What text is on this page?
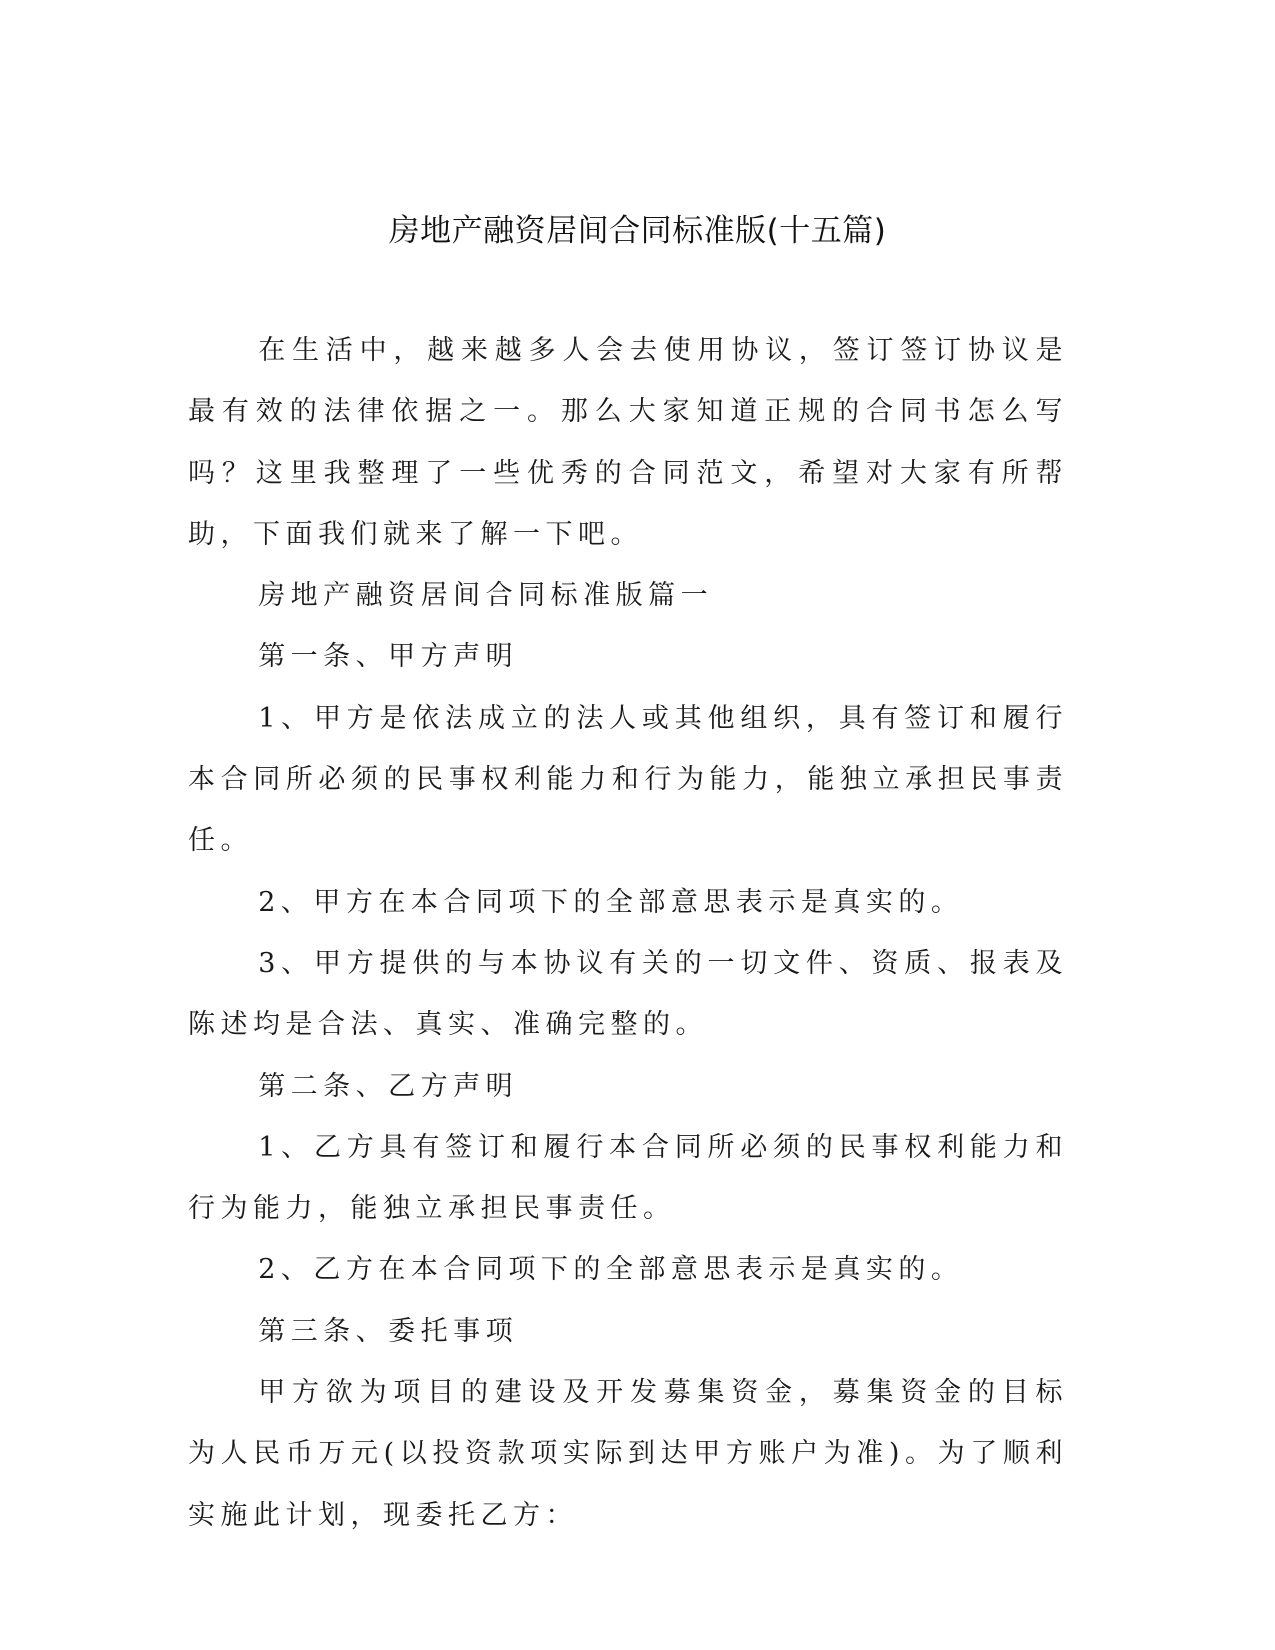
房地产融资居间合同标准版(十五篇)

在生活中，越来越多人会去使用协议，签订签订协议是最有效的法律依据之一。那么大家知道正规的合同书怎么写吗？这里我整理了一些优秀的合同范文，希望对大家有所帮助，下面我们就来了解一下吧。

房地产融资居间合同标准版篇一

第一条、甲方声明

1、甲方是依法成立的法人或其他组织，具有签订和履行本合同所必须的民事权利能力和行为能力，能独立承担民事责任。

2、甲方在本合同项下的全部意思表示是真实的。

3、甲方提供的与本协议有关的一切文件、资质、报表及陈述均是合法、真实、准确完整的。

第二条、乙方声明

1、乙方具有签订和履行本合同所必须的民事权利能力和行为能力，能独立承担民事责任。

2、乙方在本合同项下的全部意思表示是真实的。

第三条、委托事项

甲方欲为项目的建设及开发募集资金，募集资金的目标为人民币万元(以投资款项实际到达甲方账户为准)。为了顺利实施此计划，现委托乙方：
